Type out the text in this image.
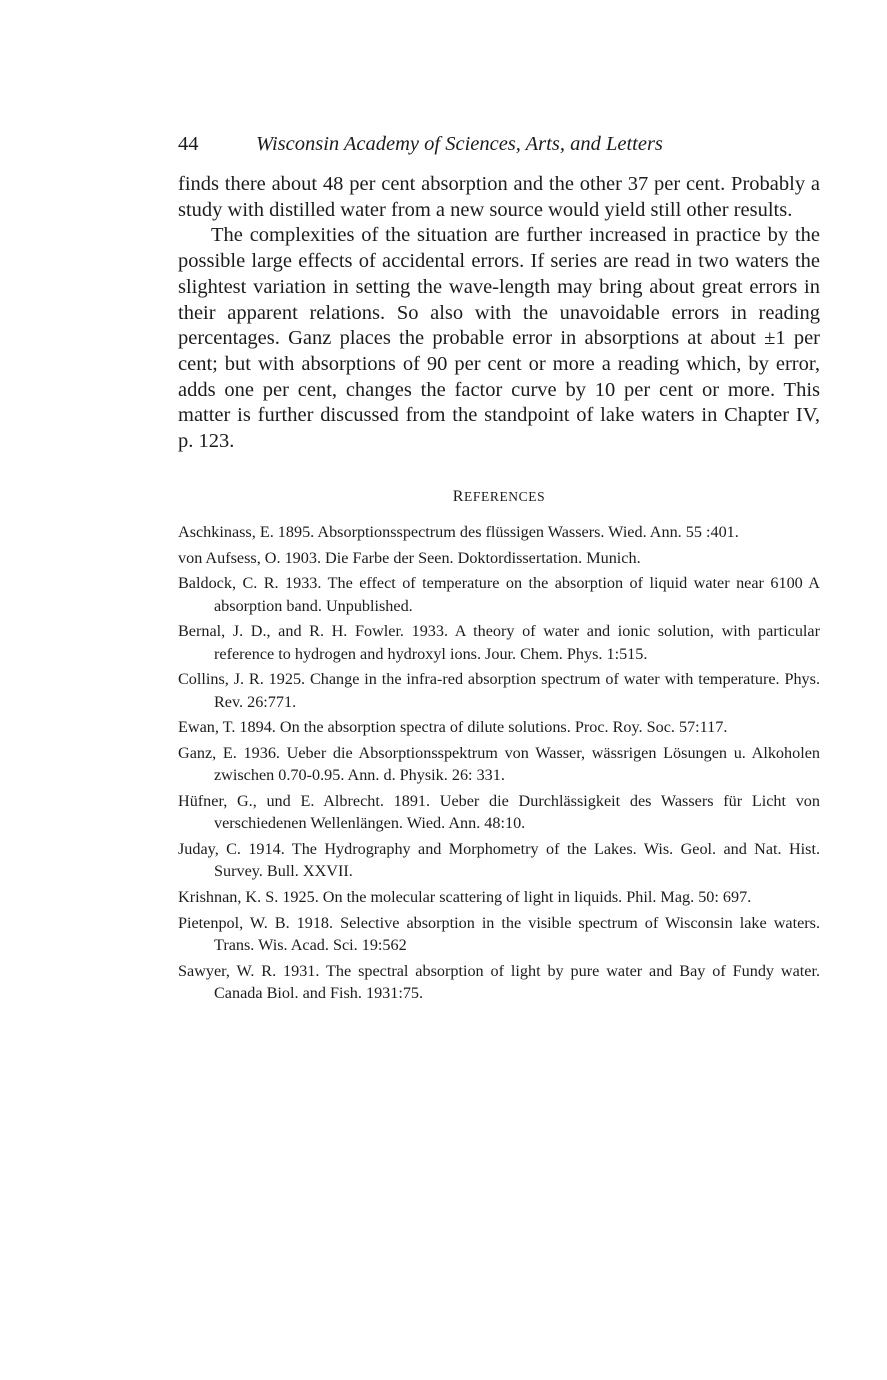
44	Wisconsin Academy of Sciences, Arts, and Letters

finds there about 48 per cent absorption and the other 37 per cent. Probably a study with distilled water from a new source would yield still other results.

The complexities of the situation are further increased in practice by the possible large effects of accidental errors. If series are read in two waters the slightest variation in setting the wave-length may bring about great errors in their apparent relations. So also with the unavoidable errors in reading percentages. Ganz places the probable error in absorptions at about ±1 per cent; but with absorptions of 90 per cent or more a reading which, by error, adds one per cent, changes the factor curve by 10 per cent or more. This matter is further discussed from the standpoint of lake waters in Chapter IV, p. 123.

REFERENCES
Aschkinass, E. 1895. Absorptionsspectrum des flüssigen Wassers. Wied. Ann. 55 :401.
von Aufsess, O. 1903. Die Farbe der Seen. Doktordissertation. Munich.
Baldock, C. R. 1933. The effect of temperature on the absorption of liquid water near 6100 A absorption band. Unpublished.
Bernal, J. D., and R. H. Fowler. 1933. A theory of water and ionic solution, with particular reference to hydrogen and hydroxyl ions. Jour. Chem. Phys. 1:515.
Collins, J. R. 1925. Change in the infra-red absorption spectrum of water with temperature. Phys. Rev. 26:771.
Ewan, T. 1894. On the absorption spectra of dilute solutions. Proc. Roy. Soc. 57:117.
Ganz, E. 1936. Ueber die Absorptionsspektrum von Wasser, wässrigen Lösungen u. Alkoholen zwischen 0.70-0.95. Ann. d. Physik. 26: 331.
Hüfner, G., und E. Albrecht. 1891. Ueber die Durchlässigkeit des Wassers für Licht von verschiedenen Wellenlängen. Wied. Ann. 48:10.
Juday, C. 1914. The Hydrography and Morphometry of the Lakes. Wis. Geol. and Nat. Hist. Survey. Bull. XXVII.
Krishnan, K. S. 1925. On the molecular scattering of light in liquids. Phil. Mag. 50: 697.
Pietenpol, W. B. 1918. Selective absorption in the visible spectrum of Wisconsin lake waters. Trans. Wis. Acad. Sci. 19:562
Sawyer, W. R. 1931. The spectral absorption of light by pure water and Bay of Fundy water. Canada Biol. and Fish. 1931:75.
